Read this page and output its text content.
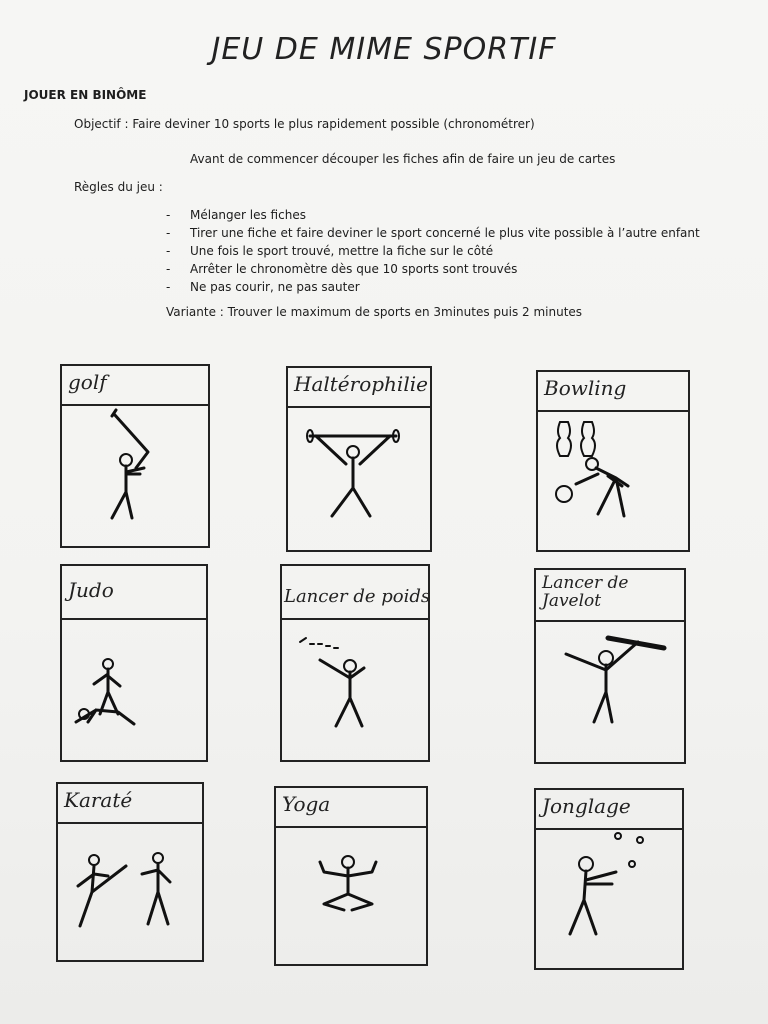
JEU DE MIME SPORTIF
JOUER EN BINÔME
Objectif : Faire deviner 10 sports le plus rapidement possible (chronométrer)
Avant de commencer découper les fiches afin de faire un jeu de cartes
Règles du jeu :
- Mélanger les fiches
- Tirer une fiche et faire deviner le sport concerné le plus vite possible à l’autre enfant
- Une fois le sport trouvé, mettre la fiche sur le côté
- Arrêter le chronomètre dès que 10 sports sont trouvés
- Ne pas courir, ne pas sauter
Variante : Trouver le maximum de sports en 3minutes puis 2 minutes
golf	Haltérophilie	Bowling
Judo	Lancer de poids
Lancer de Javelot
Karaté	Yoga	Jonglage
